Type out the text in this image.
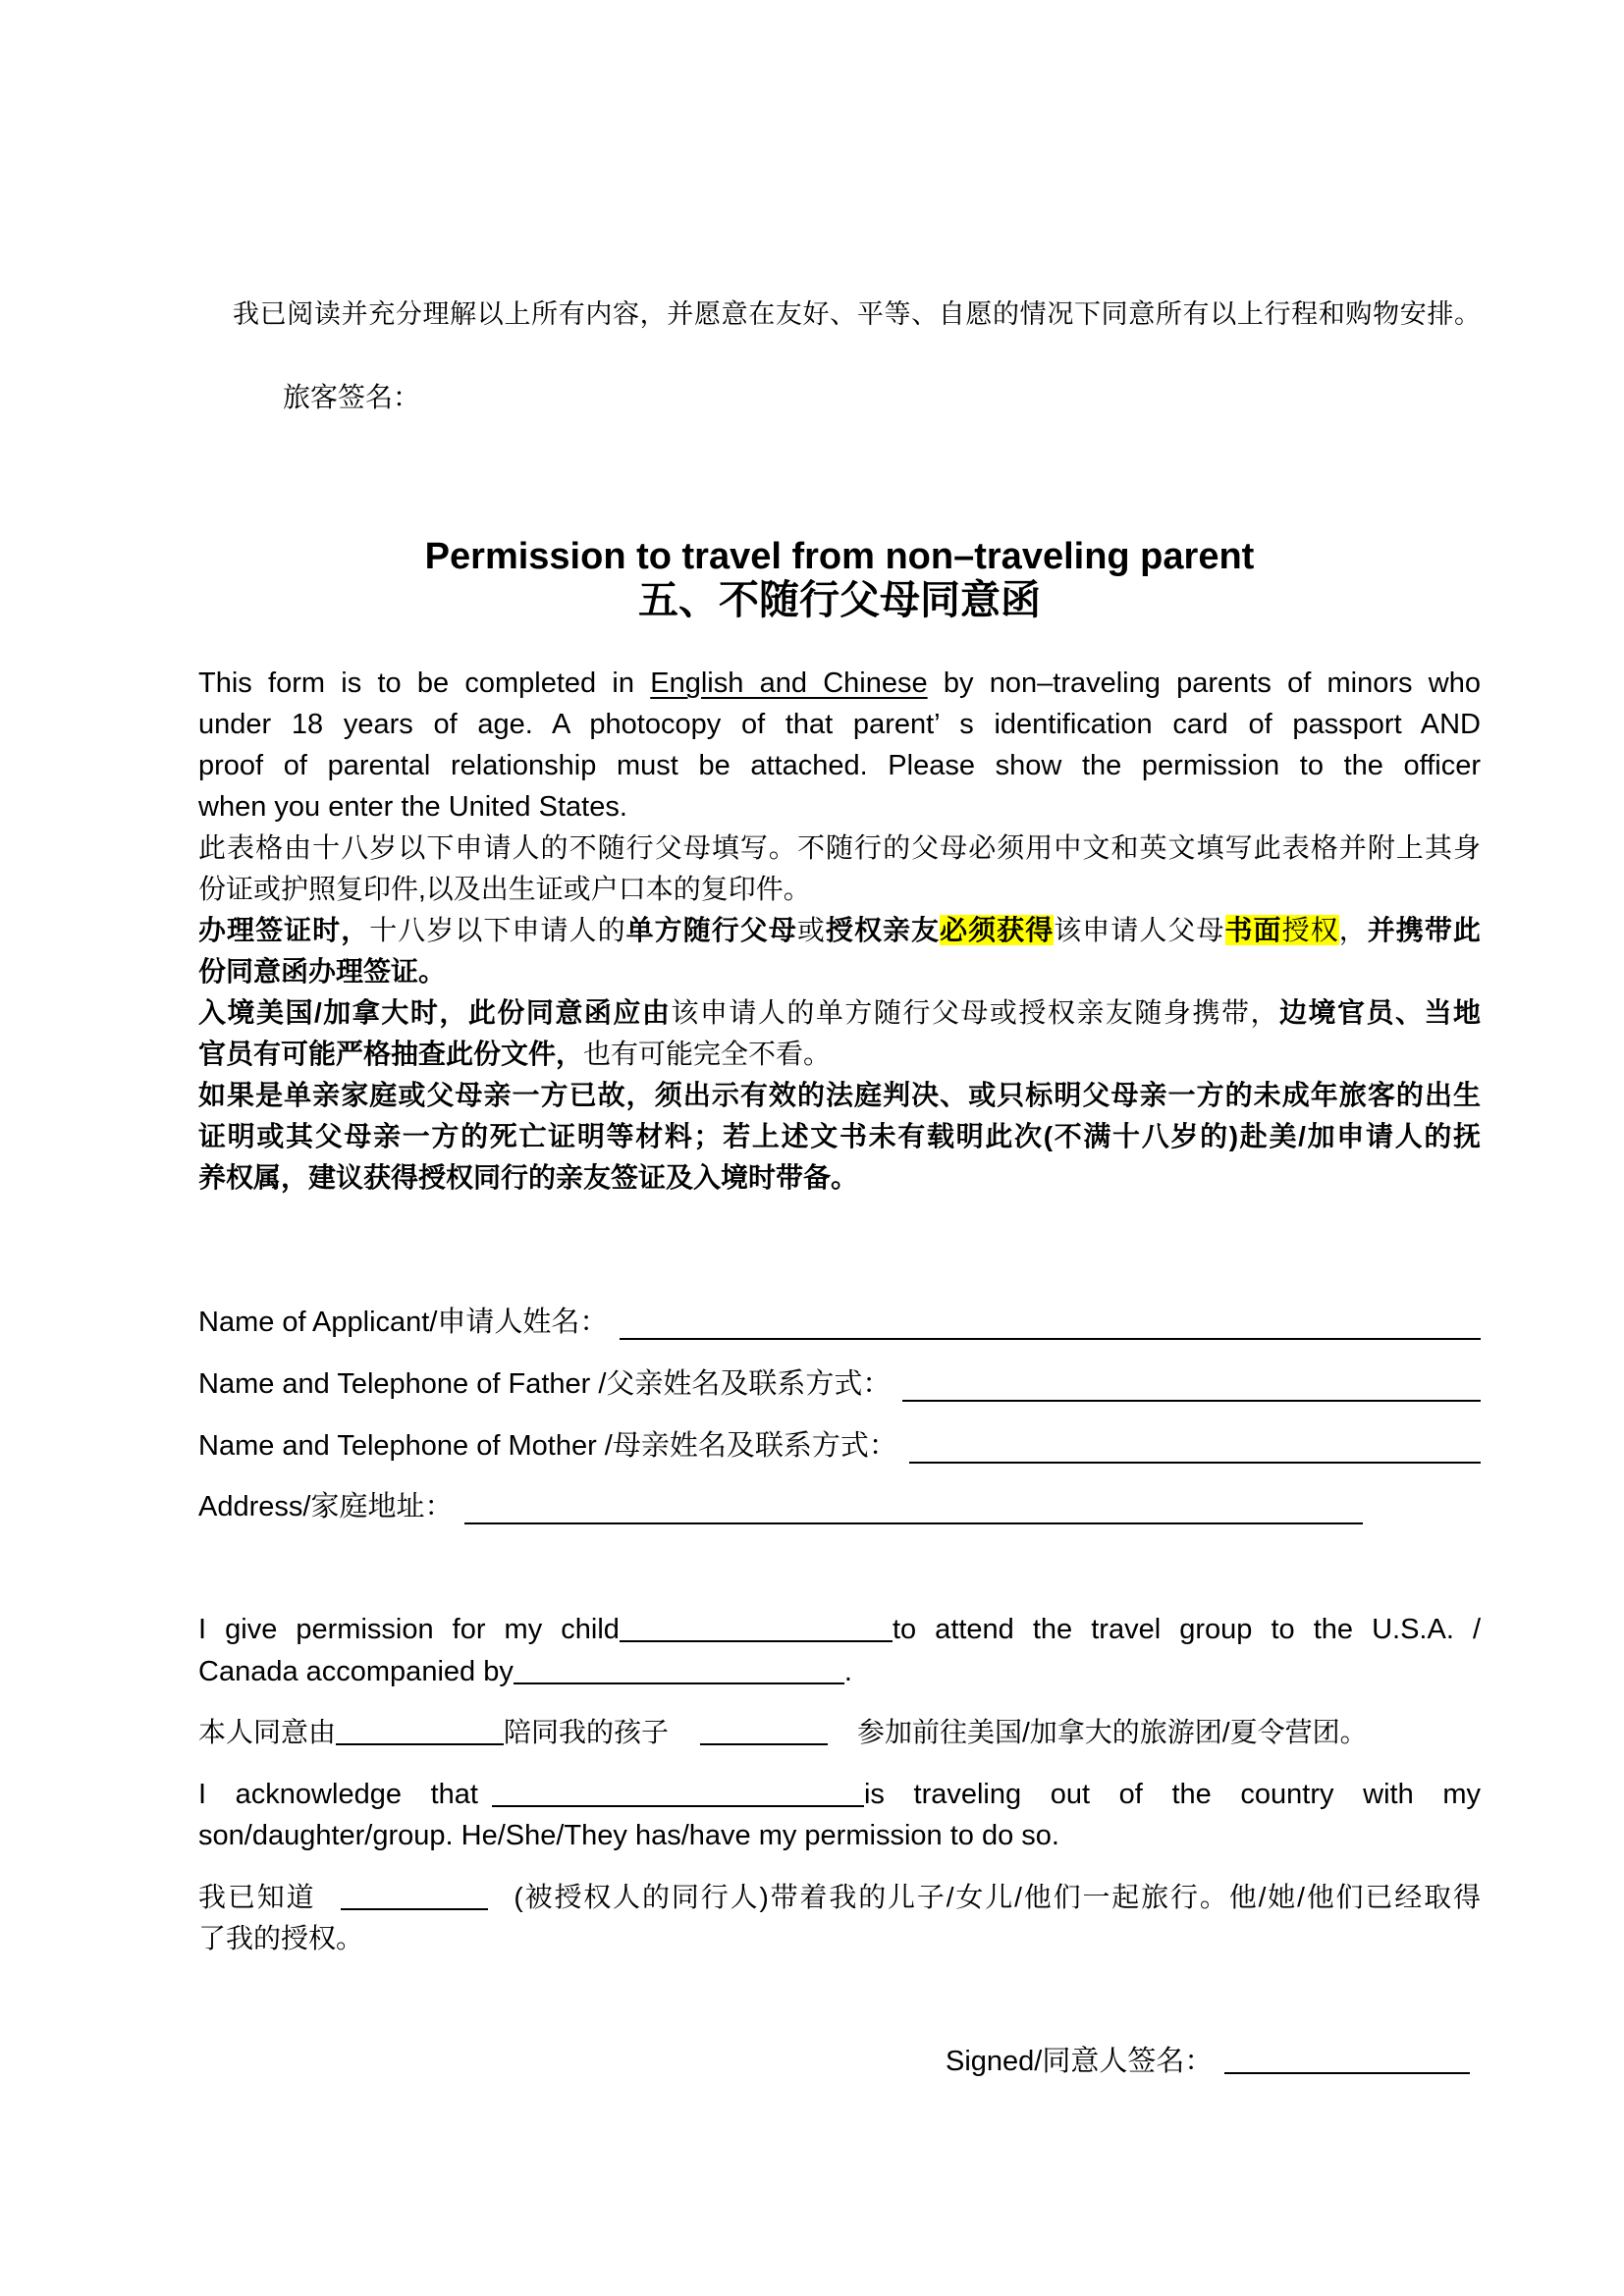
我已阅读并充分理解以上所有内容，并愿意在友好、平等、自愿的情况下同意所有以上行程和购物安排。
旅客签名：
Permission to travel from non–traveling parent
五、不随行父母同意函
This form is to be completed in English and Chinese by non–traveling parents of minors who
under 18 years of age. A photocopy of that parent’ s identification card of passport AND
proof of parental relationship must be attached. Please show the permission to the officer
when you enter the United States.
此表格由十八岁以下申请人的不随行父母填写。不随行的父母必须用中文和英文填写此表格并附上其身
份证或护照复印件,以及出生证或户口本的复印件。
办理签证时，十八岁以下申请人的单方随行父母或授权亲友必须获得该申请人父母书面授权，并携带此
份同意函办理签证。
入境美国/加拿大时，此份同意函应由该申请人的单方随行父母或授权亲友随身携带，边境官员、当地
官员有可能严格抽查此份文件，也有可能完全不看。
如果是单亲家庭或父母亲一方已故，须出示有效的法庭判决、或只标明父母亲一方的未成年旅客的出生
证明或其父母亲一方的死亡证明等材料；若上述文书未有载明此次(不满十八岁的)赴美/加申请人的抚
养权属，建议获得授权同行的亲友签证及入境时带备。
Name of Applicant/申请人姓名：
Name and Telephone of Father /父亲姓名及联系方式：
Name and Telephone of Mother /母亲姓名及联系方式：
Address/家庭地址：
I give permission for my child	to attend the travel group to the U.S.A. /
Canada accompanied by	.
本人同意由	陪同我的孩子	参加前往美国/加拿大的旅游团/夏令营团。
I acknowledge that	is traveling out of the country with my
son/daughter/group. He/She/They has/have my permission to do so.
我已知道	(被授权人的同行人)带着我的儿子/女儿/他们一起旅行。他/她/他们已经取得
了我的授权。
Signed/同意人签名：
